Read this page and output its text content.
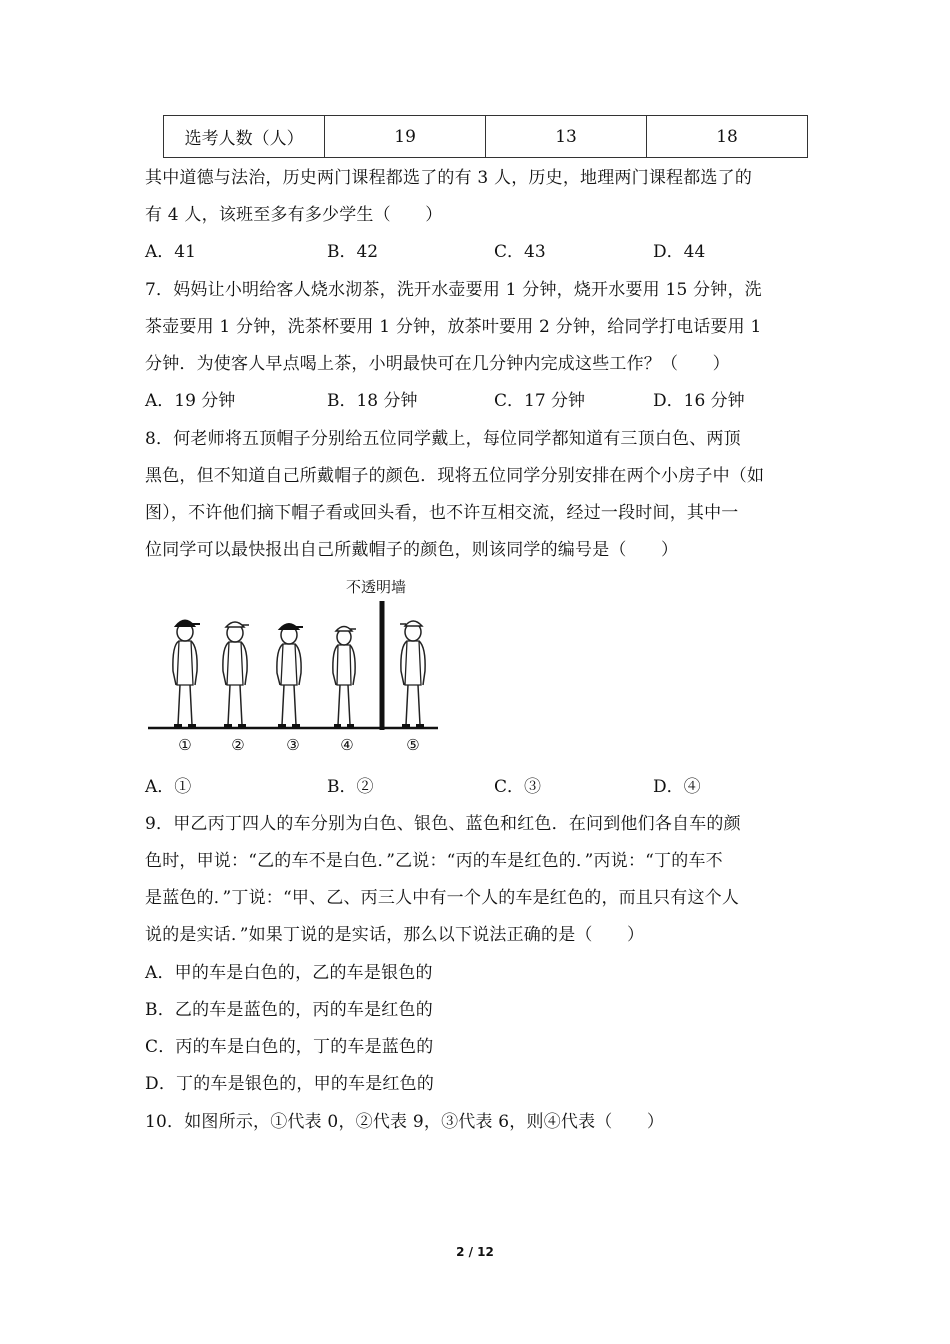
选考人数（人）	19	13	18
其中道德与法治，历史两门课程都选了的有 3 人，历史，地理两门课程都选了的
有 4 人，该班至多有多少学生（　　）
A．41	B．42	C．43	D．44
7．妈妈让小明给客人烧水沏茶，洗开水壶要用 1 分钟，烧开水要用 15 分钟，洗
茶壶要用 1 分钟，洗茶杯要用 1 分钟，放茶叶要用 2 分钟，给同学打电话要用 1
分钟．为使客人早点喝上茶，小明最快可在几分钟内完成这些工作？（　　）
A．19 分钟	B．18 分钟	C．17 分钟	D．16 分钟
8．何老师将五顶帽子分别给五位同学戴上，每位同学都知道有三顶白色、两顶
黑色，但不知道自己所戴帽子的颜色．现将五位同学分别安排在两个小房子中（如
图），不许他们摘下帽子看或回头看，也不许互相交流，经过一段时间，其中一
位同学可以最快报出自己所戴帽子的颜色，则该同学的编号是（　　）
不透明墙
①	②	③	④	⑤
A．①	B．②	C．③	D．④
9．甲乙丙丁四人的车分别为白色、银色、蓝色和红色．在问到他们各自车的颜
色时，甲说：“乙的车不是白色．”乙说：“丙的车是红色的．”丙说：“丁的车不
是蓝色的．”丁说：“甲、乙、丙三人中有一个人的车是红色的，而且只有这个人
说的是实话．”如果丁说的是实话，那么以下说法正确的是（　　）
A．甲的车是白色的，乙的车是银色的
B．乙的车是蓝色的，丙的车是红色的
C．丙的车是白色的，丁的车是蓝色的
D．丁的车是银色的，甲的车是红色的
10．如图所示，①代表 0，②代表 9，③代表 6，则④代表（　　）
2 / 12
